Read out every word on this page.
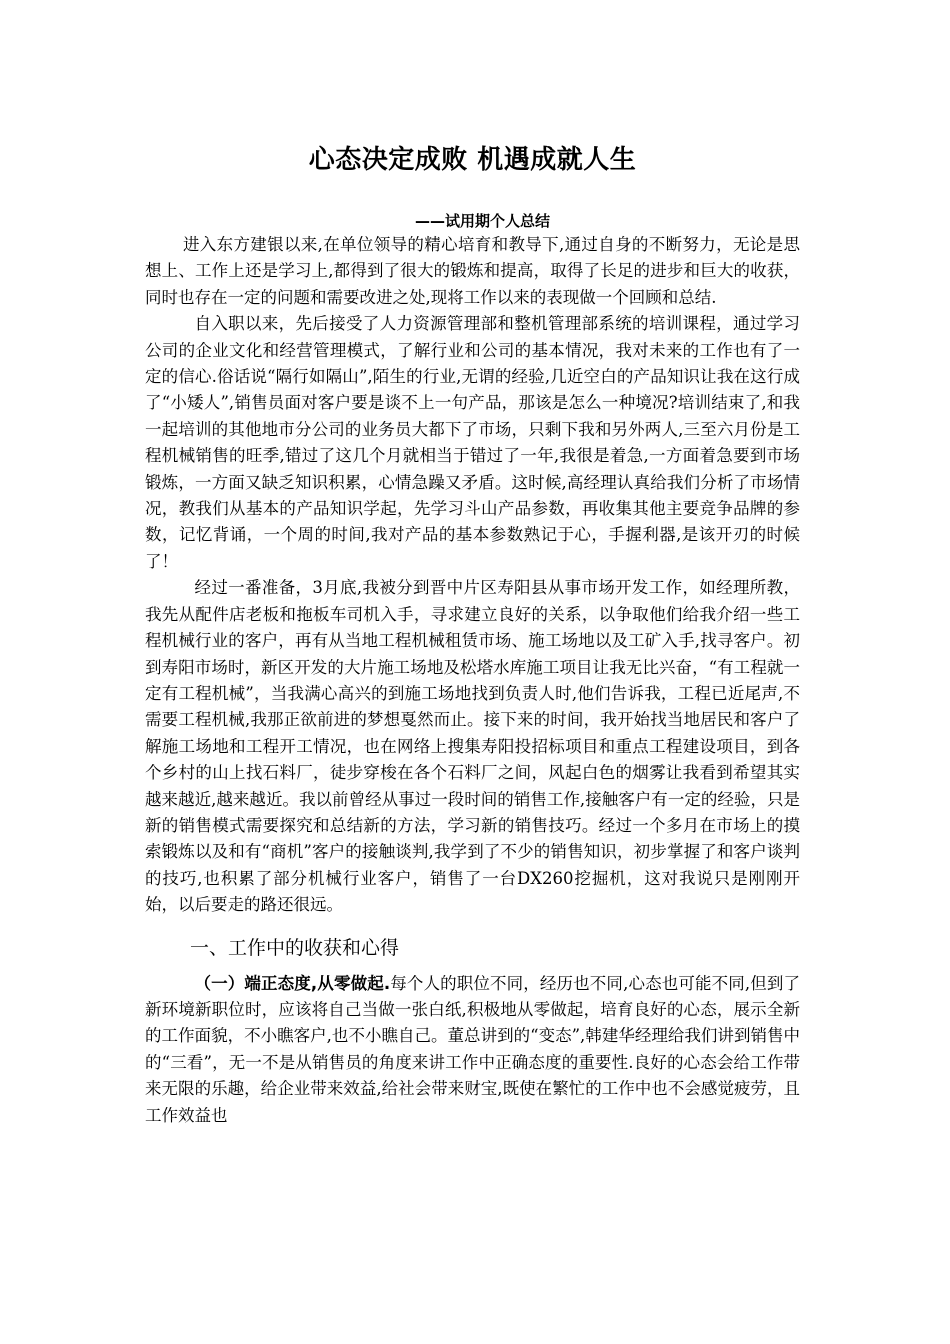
心态决定成败 机遇成就人生
——试用期个人总结

进入东方建银以来,在单位领导的精心培育和教导下,通过自身的不断努力，无论是思想上、工作上还是学习上,都得到了很大的锻炼和提高，取得了长足的进步和巨大的收获，同时也存在一定的问题和需要改进之处,现将工作以来的表现做一个回顾和总结.

自入职以来，先后接受了人力资源管理部和整机管理部系统的培训课程，通过学习公司的企业文化和经营管理模式，了解行业和公司的基本情况，我对未来的工作也有了一定的信心.俗话说“隔行如隔山”,陌生的行业,无谓的经验,几近空白的产品知识让我在这行成了“小矮人”,销售员面对客户要是谈不上一句产品，那该是怎么一种境况?培训结束了,和我一起培训的其他地市分公司的业务员大都下了市场，只剩下我和另外两人,三至六月份是工程机械销售的旺季,错过了这几个月就相当于错过了一年,我很是着急,一方面着急要到市场锻炼，一方面又缺乏知识积累，心情急躁又矛盾。这时候,高经理认真给我们分析了市场情况，教我们从基本的产品知识学起，先学习斗山产品参数，再收集其他主要竞争品牌的参数，记忆背诵，一个周的时间,我对产品的基本参数熟记于心，手握利器,是该开刃的时候了！

经过一番准备，3月底,我被分到晋中片区寿阳县从事市场开发工作，如经理所教，我先从配件店老板和拖板车司机入手，寻求建立良好的关系，以争取他们给我介绍一些工程机械行业的客户，再有从当地工程机械租赁市场、施工场地以及工矿入手,找寻客户。初到寿阳市场时，新区开发的大片施工场地及松塔水库施工项目让我无比兴奋，“有工程就一定有工程机械”，当我满心高兴的到施工场地找到负责人时,他们告诉我，工程已近尾声,不需要工程机械,我那正欲前进的梦想戛然而止。接下来的时间，我开始找当地居民和客户了解施工场地和工程开工情况，也在网络上搜集寿阳投招标项目和重点工程建设项目，到各个乡村的山上找石料厂，徒步穿梭在各个石料厂之间，风起白色的烟雾让我看到希望其实越来越近,越来越近。我以前曾经从事过一段时间的销售工作,接触客户有一定的经验，只是新的销售模式需要探究和总结新的方法，学习新的销售技巧。经过一个多月在市场上的摸索锻炼以及和有“商机”客户的接触谈判,我学到了不少的销售知识，初步掌握了和客户谈判的技巧,也积累了部分机械行业客户，销售了一台DX260挖掘机，这对我说只是刚刚开始，以后要走的路还很远。

一、工作中的收获和心得

（一）端正态度,从零做起.每个人的职位不同，经历也不同,心态也可能不同,但到了新环境新职位时，应该将自己当做一张白纸,积极地从零做起，培育良好的心态，展示全新的工作面貌，不小瞧客户,也不小瞧自己。董总讲到的“变态”,韩建华经理给我们讲到销售中的“三看”，无一不是从销售员的角度来讲工作中正确态度的重要性.良好的心态会给工作带来无限的乐趣，给企业带来效益,给社会带来财宝,既使在繁忙的工作中也不会感觉疲劳，且工作效益也
